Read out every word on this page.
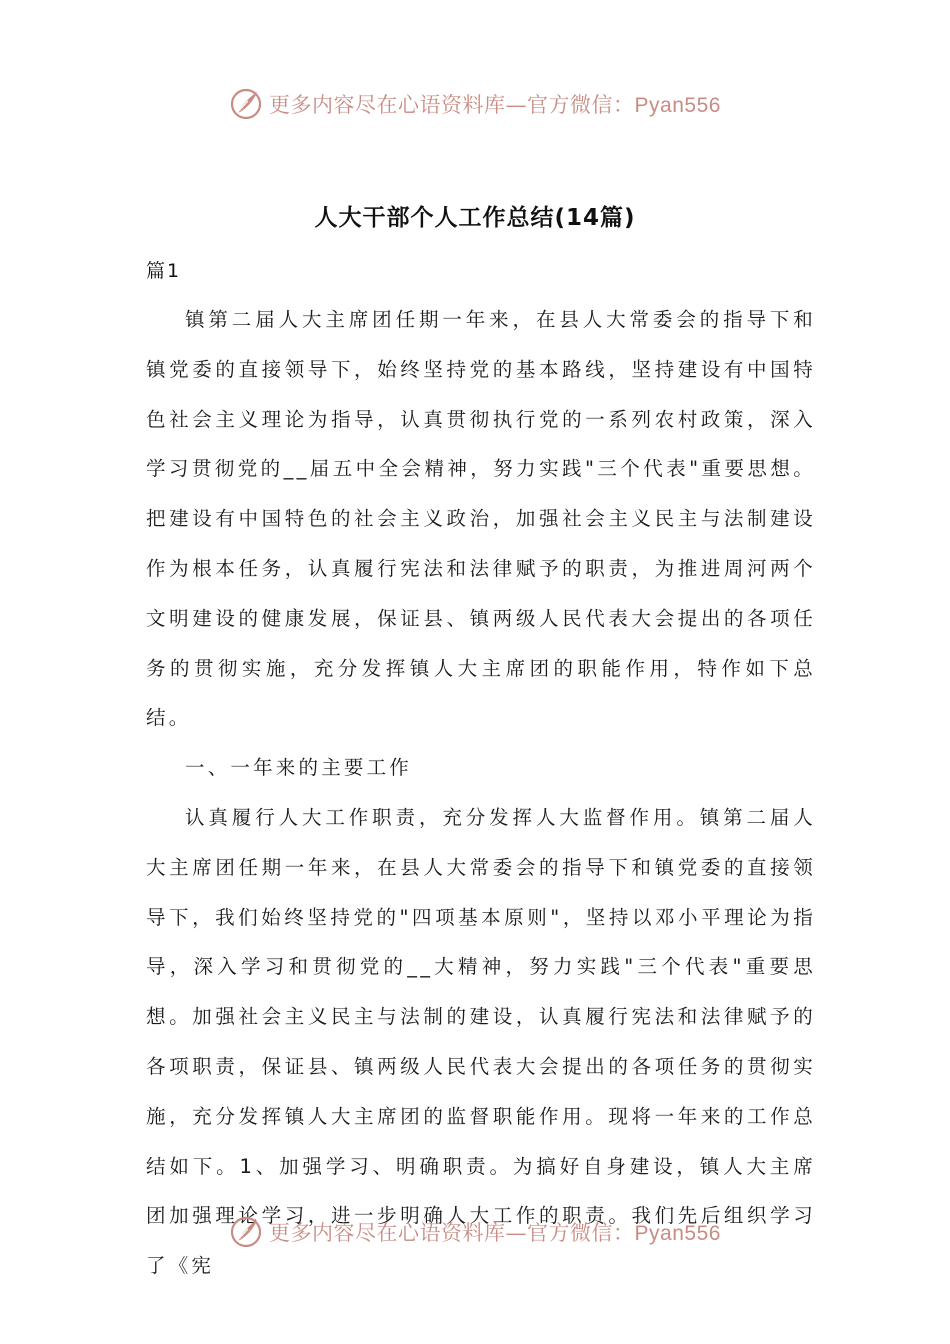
更多内容尽在心语资料库—官方微信：Pyan556
人大干部个人工作总结(14篇)
篇1

镇第二届人大主席团任期一年来，在县人大常委会的指导下和镇党委的直接领导下，始终坚持党的基本路线，坚持建设有中国特色社会主义理论为指导，认真贯彻执行党的一系列农村政策，深入学习贯彻党的__届五中全会精神，努力实践"三个代表"重要思想。把建设有中国特色的社会主义政治，加强社会主义民主与法制建设作为根本任务，认真履行宪法和法律赋予的职责，为推进周河两个文明建设的健康发展，保证县、镇两级人民代表大会提出的各项任务的贯彻实施，充分发挥镇人大主席团的职能作用，特作如下总结。

一、一年来的主要工作

认真履行人大工作职责，充分发挥人大监督作用。镇第二届人大主席团任期一年来，在县人大常委会的指导下和镇党委的直接领导下，我们始终坚持党的"四项基本原则"，坚持以邓小平理论为指导，深入学习和贯彻党的__大精神，努力实践"三个代表"重要思想。加强社会主义民主与法制的建设，认真履行宪法和法律赋予的各项职责，保证县、镇两级人民代表大会提出的各项任务的贯彻实施，充分发挥镇人大主席团的监督职能作用。现将一年来的工作总结如下。1、加强学习、明确职责。为搞好自身建设，镇人大主席团加强理论学习，进一步明确人大工作的职责。我们先后组织学习了《宪

更多内容尽在心语资料库—官方微信：Pyan556
